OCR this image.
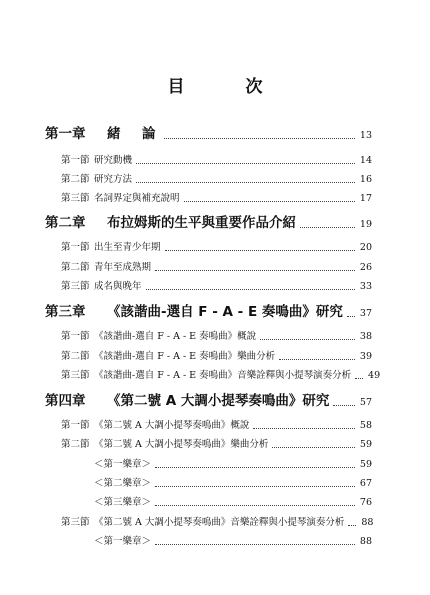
目　次
第一章	緒　論	13
第一節 研究動機	14
第二節 研究方法	16
第三節 名詞界定與補充說明	17
第二章	布拉姆斯的生平與重要作品介紹	19
第一節 出生至青少年期	20
第二節 青年至成熟期	26
第三節 成名與晚年	33
第三章	《該諧曲-選自 F - A - E 奏鳴曲》研究 37
第一節 《該諧曲-選自 F - A - E 奏鳴曲》概說	38
第二節 《該諧曲-選自 F - A - E 奏鳴曲》樂曲分析	39
第三節 《該諧曲-選自 F - A - E 奏鳴曲》音樂詮釋與小提琴演奏分析 49
第四章	《第二號 A 大調小提琴奏鳴曲》研究	57
第一節 《第二號 A 大調小提琴奏鳴曲》概說	58
第二節 《第二號 A 大調小提琴奏鳴曲》樂曲分析	59
＜第一樂章＞	59
＜第二樂章＞	67
＜第三樂章＞	76
第三節 《第二號 A 大調小提琴奏鳴曲》音樂詮釋與小提琴演奏分析 88
＜第一樂章＞	88
